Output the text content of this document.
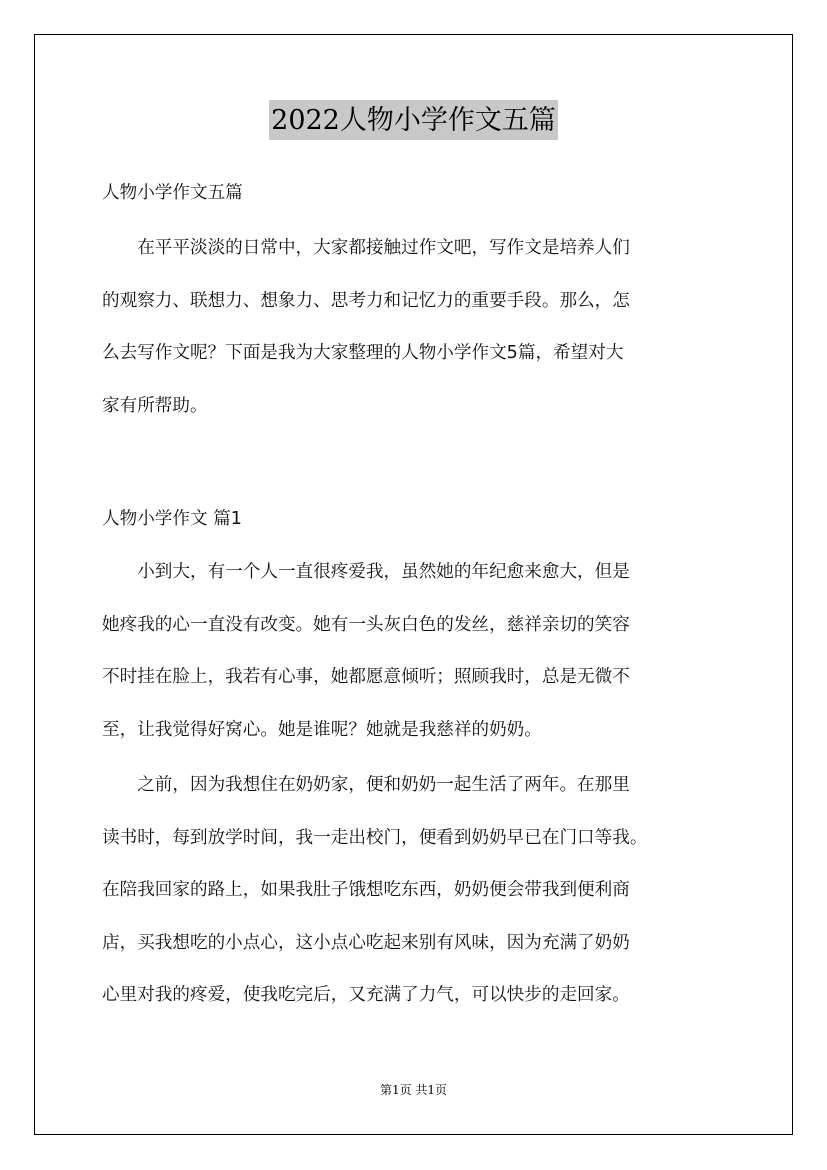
2022人物小学作文五篇

人物小学作文五篇

　　在平平淡淡的日常中，大家都接触过作文吧，写作文是培养人们
的观察力、联想力、想象力、思考力和记忆力的重要手段。那么，怎
么去写作文呢？下面是我为大家整理的人物小学作文5篇，希望对大
家有所帮助。

人物小学作文 篇1

　　小到大，有一个人一直很疼爱我，虽然她的年纪愈来愈大，但是
她疼我的心一直没有改变。她有一头灰白色的发丝，慈祥亲切的笑容
不时挂在脸上，我若有心事，她都愿意倾听；照顾我时，总是无微不
至，让我觉得好窝心。她是谁呢？她就是我慈祥的奶奶。

　　之前，因为我想住在奶奶家，便和奶奶一起生活了两年。在那里
读书时，每到放学时间，我一走出校门，便看到奶奶早已在门口等我。
在陪我回家的路上，如果我肚子饿想吃东西，奶奶便会带我到便利商
店，买我想吃的小点心，这小点心吃起来别有风味，因为充满了奶奶
心里对我的疼爱，使我吃完后，又充满了力气，可以快步的走回家。

第1页 共1页
